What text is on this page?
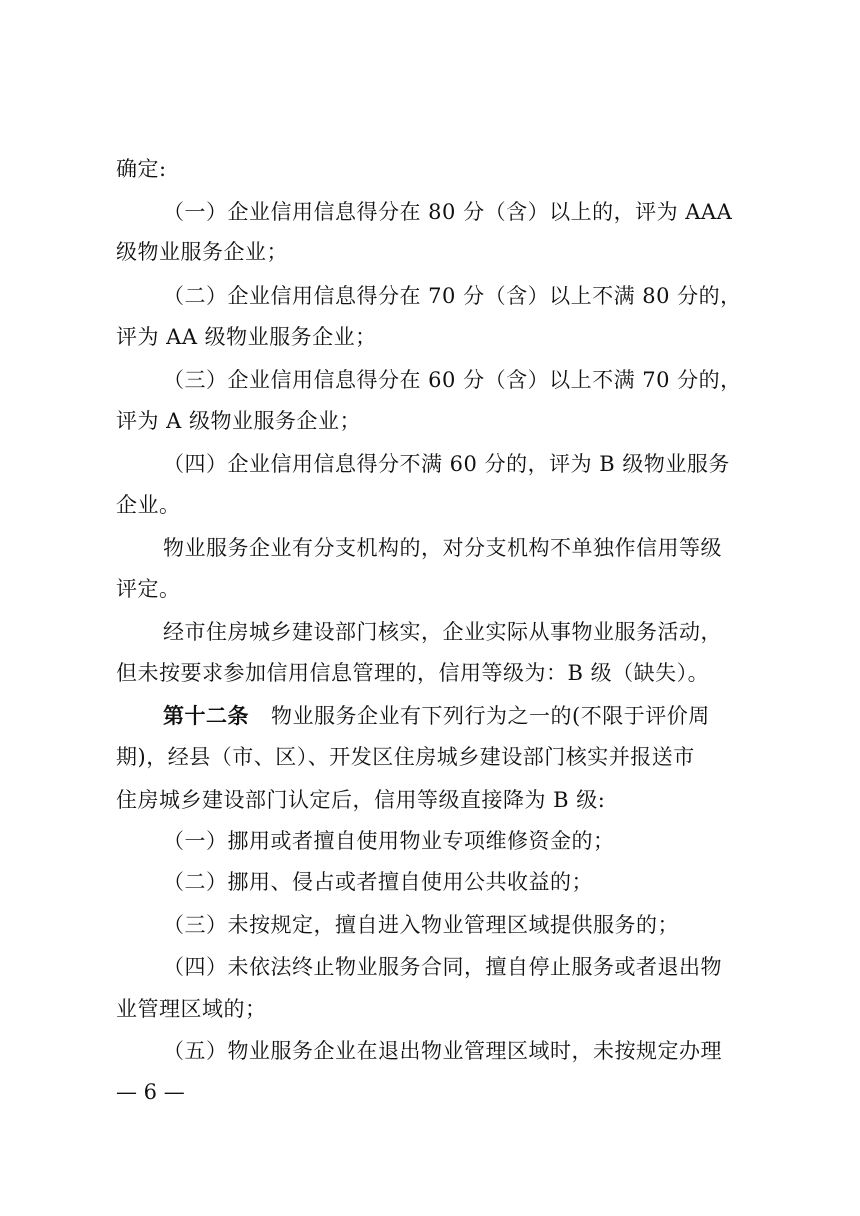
确定:
（一）企业信用信息得分在 80 分（含）以上的，评为 AAA
级物业服务企业；
（二）企业信用信息得分在 70 分（含）以上不满 80 分的，
评为 AA 级物业服务企业；
（三）企业信用信息得分在 60 分（含）以上不满 70 分的，
评为 A 级物业服务企业；
（四）企业信用信息得分不满 60 分的，评为 B 级物业服务
企业。
物业服务企业有分支机构的，对分支机构不单独作信用等级
评定。
经市住房城乡建设部门核实，企业实际从事物业服务活动，
但未按要求参加信用信息管理的，信用等级为：B 级（缺失）。
第十二条 物业服务企业有下列行为之一的(不限于评价周
期)，经县（市、区）、开发区住房城乡建设部门核实并报送市
住房城乡建设部门认定后，信用等级直接降为 B 级:
（一）挪用或者擅自使用物业专项维修资金的；
（二）挪用、侵占或者擅自使用公共收益的；
（三）未按规定，擅自进入物业管理区域提供服务的；
（四）未依法终止物业服务合同，擅自停止服务或者退出物
业管理区域的；
（五）物业服务企业在退出物业管理区域时，未按规定办理
— 6 —
